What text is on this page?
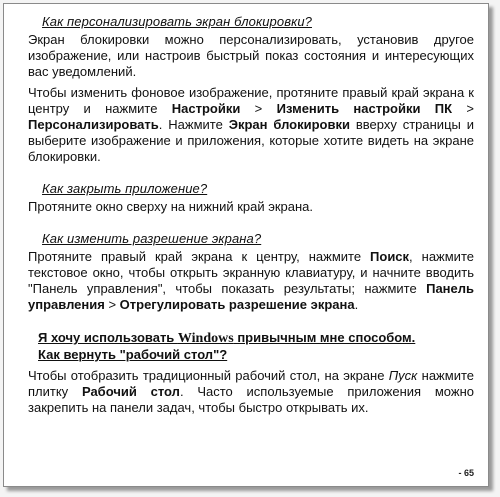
Как персонализировать экран блокировки?

Экран блокировки можно персонализировать, установив другое изображение, или настроив быстрый показ состояния и интересующих вас уведомлений.

Чтобы изменить фоновое изображение, протяните правый край экрана к центру и нажмите Настройки > Изменить настройки ПК > Персонализировать. Нажмите Экран блокировки вверху страницы и выберите изображение и приложения, которые хотите видеть на экране блокировки.

Как закрыть приложение?

Протяните окно сверху на нижний край экрана.

Как изменить разрешение экрана?

Протяните правый край экрана к центру, нажмите Поиск, нажмите текстовое окно, чтобы открыть экранную клавиатуру, и начните вводить "Панель управления", чтобы показать результаты; нажмите Панель управления > Отрегулировать разрешение экрана.

Я хочу использовать Windows привычным мне способом.
Как вернуть "рабочий стол"?

Чтобы отобразить традиционный рабочий стол, на экране Пуск нажмите плитку Рабочий стол. Часто используемые приложения можно закрепить на панели задач, чтобы быстро открывать их.

- 65
